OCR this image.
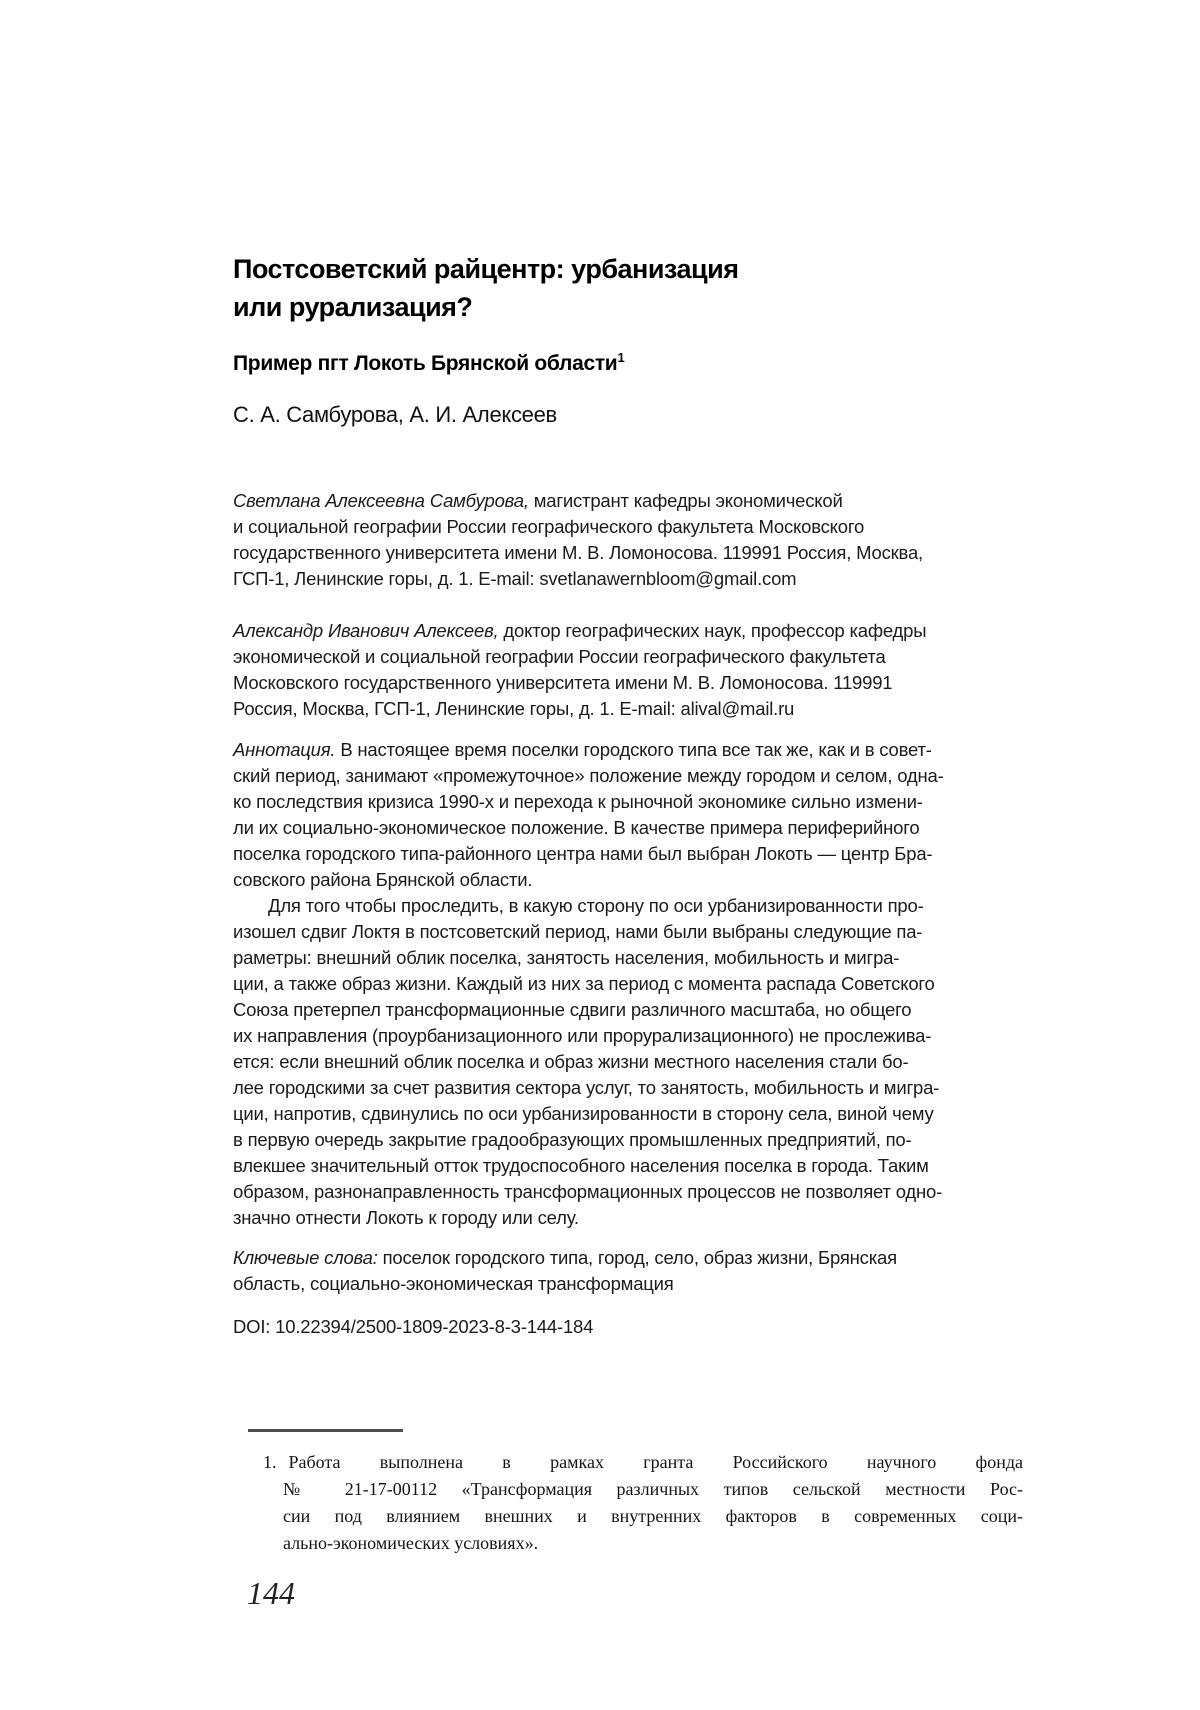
Постсоветский райцентр: урбанизация
или рурализация?
Пример пгт Локоть Брянской области$^1$
С. А. Самбурова, А. И. Алексеев
Светлана Алексеевна Самбурова, магистрант кафедры экономической
и социальной географии России географического факультета Московского
государственного университета имени М. В. Ломоносова. 119991 Россия, Москва,
ГСП-1, Ленинские горы, д. 1. E-mail: svetlanawernbloom@gmail.com
Александр Иванович Алексеев, доктор географических наук, профессор кафедры
экономической и социальной географии России географического факультета
Московского государственного университета имени М. В. Ломоносова. 119991
Россия, Москва, ГСП-1, Ленинские горы, д. 1. E-mail: alival@mail.ru
Аннотация. В настоящее время поселки городского типа все так же, как и в совет-
ский период, занимают «промежуточное» положение между городом и селом, одна-
ко последствия кризиса 1990-х и перехода к рыночной экономике сильно измени-
ли их социально-экономическое положение. В качестве примера периферийного
поселка городского типа-районного центра нами был выбран Локоть — центр Бра-
совского района Брянской области.
Для того чтобы проследить, в какую сторону по оси урбанизированности про-
изошел сдвиг Локтя в постсоветский период, нами были выбраны следующие па-
раметры: внешний облик поселка, занятость населения, мобильность и мигра-
ции, а также образ жизни. Каждый из них за период с момента распада Советского
Союза претерпел трансформационные сдвиги различного масштаба, но общего
их направления (проурбанизационного или прорурализационного) не прослежива-
ется: если внешний облик поселка и образ жизни местного населения стали бо-
лее городскими за счет развития сектора услуг, то занятость, мобильность и мигра-
ции, напротив, сдвинулись по оси урбанизированности в сторону села, виной чему
в первую очередь закрытие градообразующих промышленных предприятий, по-
влекшее значительный отток трудоспособного населения поселка в города. Таким
образом, разнонаправленность трансформационных процессов не позволяет одно-
значно отнести Локоть к городу или селу.
Ключевые слова: поселок городского типа, город, село, образ жизни, Брянская
область, социально-экономическая трансформация
DOI: 10.22394/2500-1809-2023-8-3-144-184
1. Работа выполнена в рамках гранта Российского научного фонда
№ 21-17-00112 «Трансформация различных типов сельской местности Рос-
сии под влиянием внешних и внутренних факторов в современных соци-
ально-экономических условиях».
144
